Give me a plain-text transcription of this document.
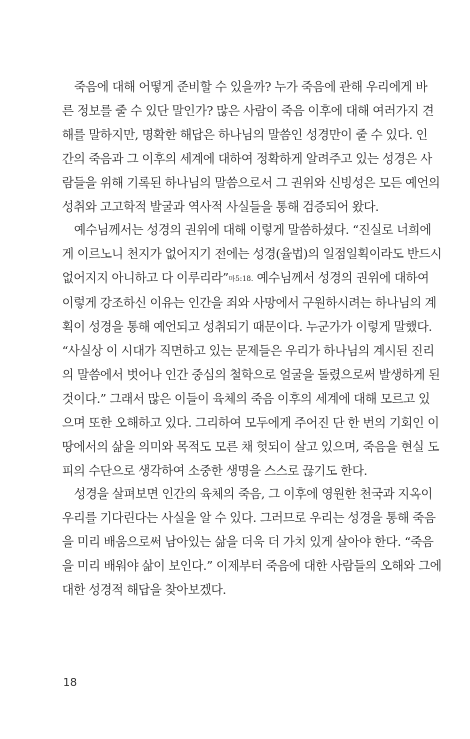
죽음에 대해 어떻게 준비할 수 있을까? 누가 죽음에 관해 우리에게 바
른 정보를 줄 수 있단 말인가? 많은 사람이 죽음 이후에 대해 여러가지 견
해를 말하지만, 명확한 해답은 하나님의 말씀인 성경만이 줄 수 있다. 인
간의 죽음과 그 이후의 세계에 대하여 정확하게 알려주고 있는 성경은 사
람들을 위해 기록된 하나님의 말씀으로서 그 권위와 신빙성은 모든 예언의
성취와 고고학적 발굴과 역사적 사실들을 통해 검증되어 왔다.

예수님께서는 성경의 권위에 대해 이렇게 말씀하셨다. “진실로 너희에
게 이르노니 천지가 없어지기 전에는 성경(율법)의 일점일획이라도 반드시
없어지지 아니하고 다 이루리라”마5:18. 예수님께서 성경의 권위에 대하여
이렇게 강조하신 이유는 인간을 죄와 사망에서 구원하시려는 하나님의 계
획이 성경을 통해 예언되고 성취되기 때문이다. 누군가가 이렇게 말했다.
“사실상 이 시대가 직면하고 있는 문제들은 우리가 하나님의 계시된 진리
의 말씀에서 벗어나 인간 중심의 철학으로 얼굴을 돌렸으로써 발생하게 된
것이다.” 그래서 많은 이들이 육체의 죽음 이후의 세계에 대해 모르고 있
으며 또한 오해하고 있다. 그리하여 모두에게 주어진 단 한 번의 기회인 이
땅에서의 삶을 의미와 목적도 모른 채 헛되이 살고 있으며, 죽음을 현실 도
피의 수단으로 생각하여 소중한 생명을 스스로 끊기도 한다.

성경을 살펴보면 인간의 육체의 죽음, 그 이후에 영원한 천국과 지옥이
우리를 기다린다는 사실을 알 수 있다. 그러므로 우리는 성경을 통해 죽음
을 미리 배움으로써 남아있는 삶을 더욱 더 가치 있게 살아야 한다. “죽음
을 미리 배워야 삶이 보인다.” 이제부터 죽음에 대한 사람들의 오해와 그에
대한 성경적 해답을 찾아보겠다.

18
